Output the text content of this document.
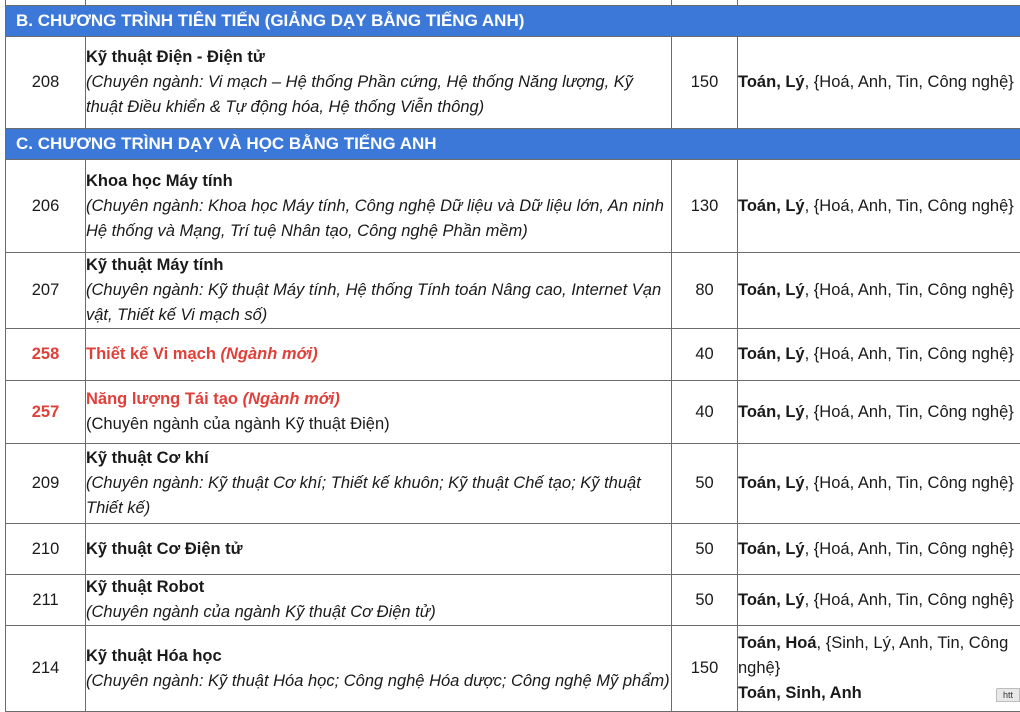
B. CHƯƠNG TRÌNH TIÊN TIẾN (GIẢNG DẠY BẰNG TIẾNG ANH)			
208	Kỹ thuật Điện - Điện tử
(Chuyên ngành: Vi mạch – Hệ thống Phần cứng, Hệ thống Năng lượng, Kỹ thuật Điều khiển & Tự động hóa, Hệ thống Viễn thông)	150	Toán, Lý, {Hoá, Anh, Tin, Công nghệ}
C. CHƯƠNG TRÌNH DẠY VÀ HỌC BẰNG TIẾNG ANH			
206	Khoa học Máy tính
(Chuyên ngành: Khoa học Máy tính, Công nghệ Dữ liệu và Dữ liệu lớn, An ninh Hệ thống và Mạng, Trí tuệ Nhân tạo, Công nghệ Phần mềm)	130	Toán, Lý, {Hoá, Anh, Tin, Công nghệ}
207	Kỹ thuật Máy tính
(Chuyên ngành: Kỹ thuật Máy tính, Hệ thống Tính toán Nâng cao, Internet Vạn vật, Thiết kế Vi mạch số)	80	Toán, Lý, {Hoá, Anh, Tin, Công nghệ}
258	Thiết kế Vi mạch (Ngành mới)	40	Toán, Lý, {Hoá, Anh, Tin, Công nghệ}
257	Năng lượng Tái tạo (Ngành mới)
(Chuyên ngành của ngành Kỹ thuật Điện)	40	Toán, Lý, {Hoá, Anh, Tin, Công nghệ}
209	Kỹ thuật Cơ khí
(Chuyên ngành: Kỹ thuật Cơ khí; Thiết kế khuôn; Kỹ thuật Chế tạo; Kỹ thuật Thiết kế)	50	Toán, Lý, {Hoá, Anh, Tin, Công nghệ}
210	Kỹ thuật Cơ Điện tử	50	Toán, Lý, {Hoá, Anh, Tin, Công nghệ}
211	Kỹ thuật Robot
(Chuyên ngành của ngành Kỹ thuật Cơ Điện tử)	50	Toán, Lý, {Hoá, Anh, Tin, Công nghệ}
214	Kỹ thuật Hóa học
(Chuyên ngành: Kỹ thuật Hóa học; Công nghệ Hóa dược; Công nghệ Mỹ phẩm)	150	Toán, Hoá, {Sinh, Lý, Anh, Tin, Công nghệ}
Toán, Sinh, Anh	htt
